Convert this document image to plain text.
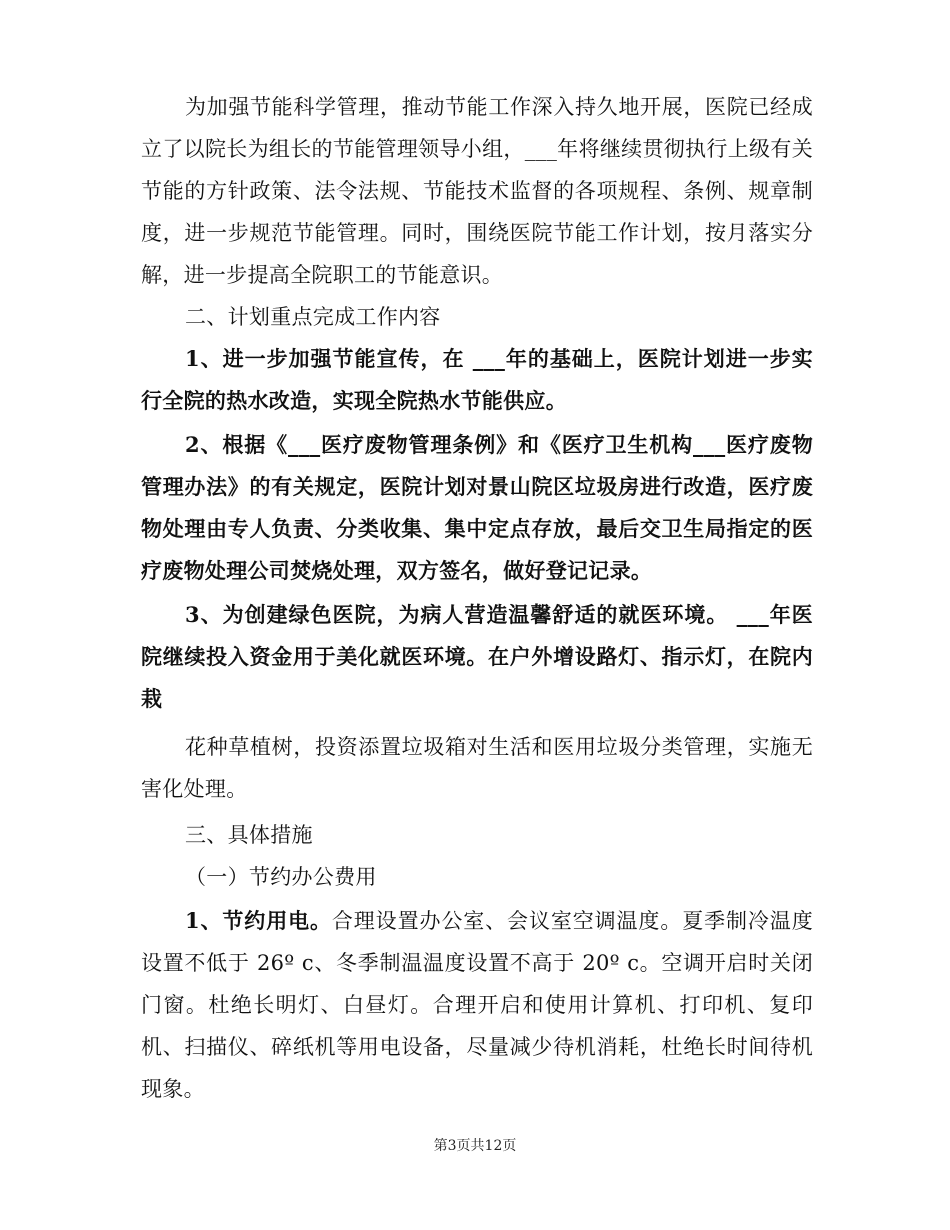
为加强节能科学管理，推动节能工作深入持久地开展，医院已经成立了以院长为组长的节能管理领导小组，___年将继续贯彻执行上级有关节能的方针政策、法令法规、节能技术监督的各项规程、条例、规章制度，进一步规范节能管理。同时，围绕医院节能工作计划，按月落实分解，进一步提高全院职工的节能意识。

二、计划重点完成工作内容

1、进一步加强节能宣传，在 ___年的基础上，医院计划进一步实行全院的热水改造，实现全院热水节能供应。

2、根据《___医疗废物管理条例》和《医疗卫生机构___医疗废物管理办法》的有关规定，医院计划对景山院区垃圾房进行改造，医疗废物处理由专人负责、分类收集、集中定点存放，最后交卫生局指定的医疗废物处理公司焚烧处理，双方签名，做好登记记录。

3、为创建绿色医院，为病人营造温馨舒适的就医环境。 ___年医院继续投入资金用于美化就医环境。在户外增设路灯、指示灯，在院内栽

花种草植树，投资添置垃圾箱对生活和医用垃圾分类管理，实施无害化处理。

三、具体措施

（一）节约办公费用

1、节约用电。合理设置办公室、会议室空调温度。夏季制冷温度设置不低于 26º c、冬季制温温度设置不高于 20º c。空调开启时关闭门窗。杜绝长明灯、白昼灯。合理开启和使用计算机、打印机、复印机、扫描仪、碎纸机等用电设备，尽量减少待机消耗，杜绝长时间待机现象。

第3页共12页
